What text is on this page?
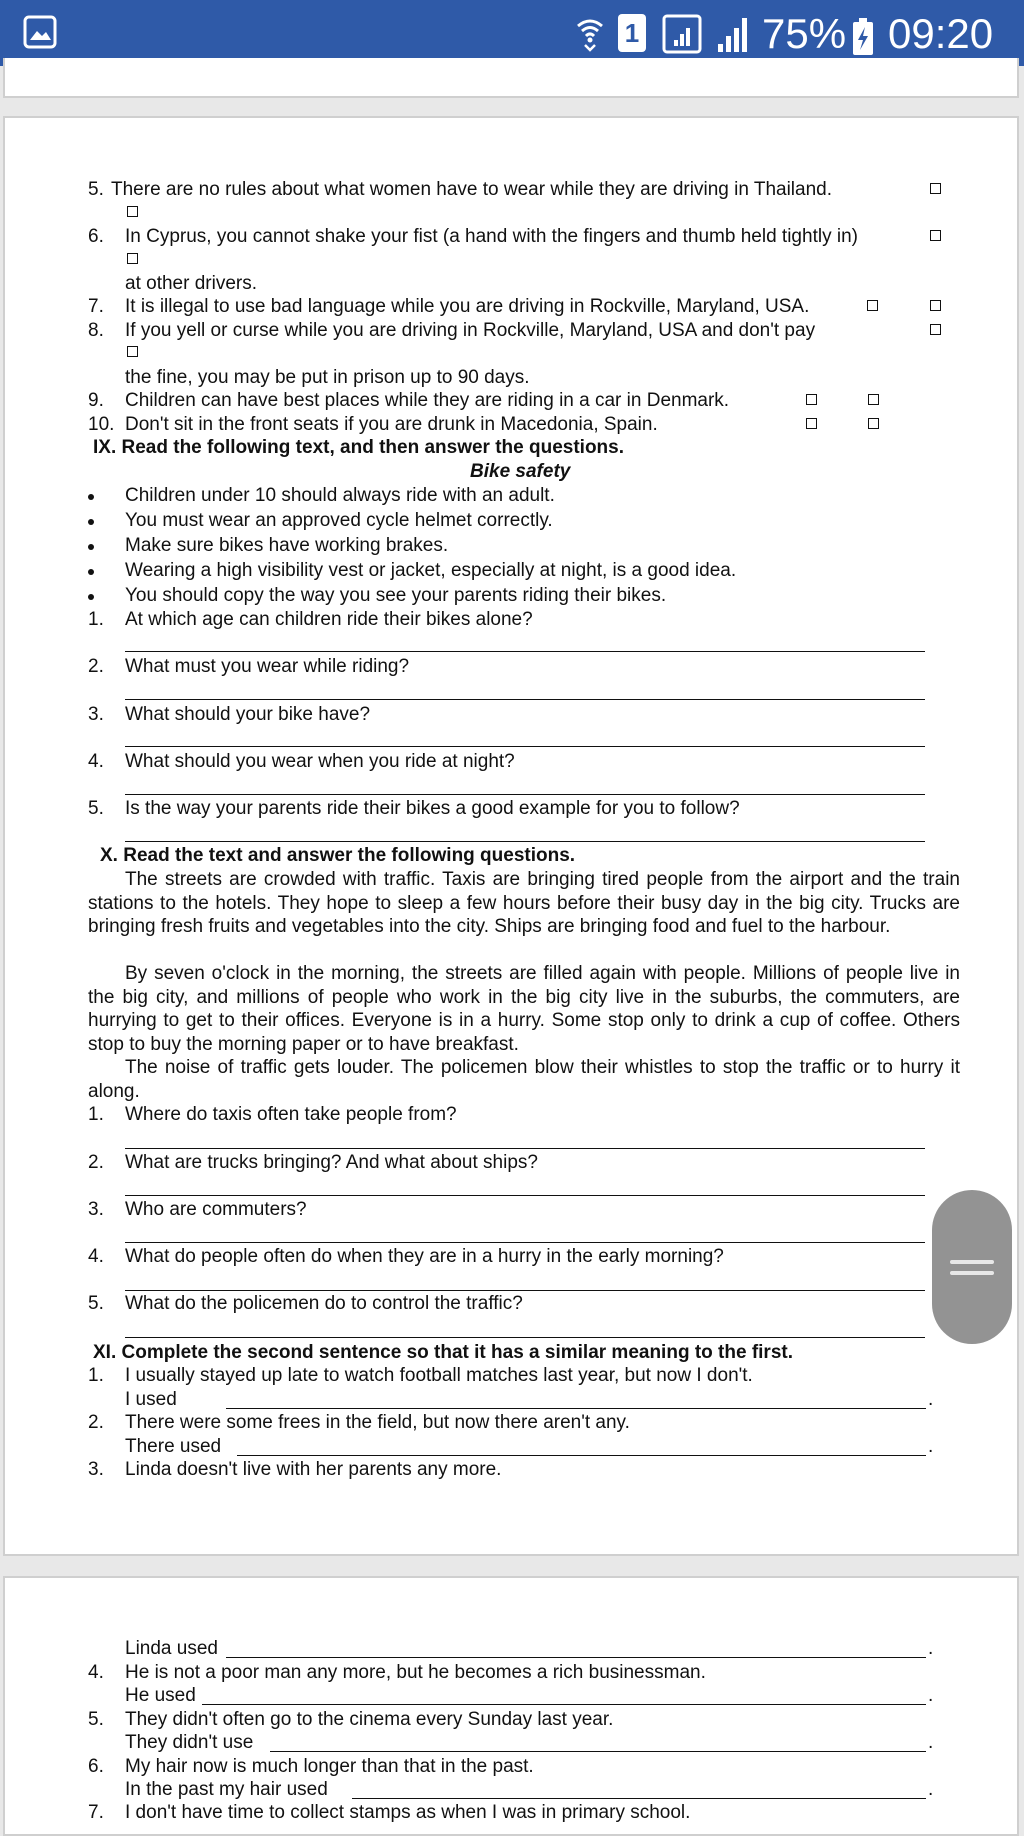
1	75% 09:20
5. There are no rules about what women have to wear while they are driving in Thailand.
6. In Cyprus, you cannot shake your fist (a hand with the fingers and thumb held tightly in)
at other drivers.
7. It is illegal to use bad language while you are driving in Rockville, Maryland, USA.
8. If you yell or curse while you are driving in Rockville, Maryland, USA and don't pay
the fine, you may be put in prison up to 90 days.
9. Children can have best places while they are riding in a car in Denmark.
10. Don't sit in the front seats if you are drunk in Macedonia, Spain.
IX. Read the following text, and then answer the questions.
Bike safety
Children under 10 should always ride with an adult.
You must wear an approved cycle helmet correctly.
Make sure bikes have working brakes.
Wearing a high visibility vest or jacket, especially at night, is a good idea.
You should copy the way you see your parents riding their bikes.
1. At which age can children ride their bikes alone?
2. What must you wear while riding?
3. What should your bike have?
4. What should you wear when you ride at night?
5. Is the way your parents ride their bikes a good example for you to follow?
X. Read the text and answer the following questions.
The streets are crowded with traffic. Taxis are bringing tired people from the airport and the train stations to the hotels. They hope to sleep a few hours before their busy day in the big city. Trucks are bringing fresh fruits and vegetables into the city. Ships are bringing food and fuel to the harbour.
By seven o'clock in the morning, the streets are filled again with people. Millions of people live in the big city, and millions of people who work in the big city live in the suburbs, the commuters, are hurrying to get to their offices. Everyone is in a hurry. Some stop only to drink a cup of coffee. Others stop to buy the morning paper or to have breakfast.
The noise of traffic gets louder. The policemen blow their whistles to stop the traffic or to hurry it along.
1. Where do taxis often take people from?
2. What are trucks bringing? And what about ships?
3. Who are commuters?
4. What do people often do when they are in a hurry in the early morning?
5. What do the policemen do to control the traffic?
XI. Complete the second sentence so that it has a similar meaning to the first.
1. I usually stayed up late to watch football matches last year, but now I don't.
I used	.
2. There were some frees in the field, but now there aren't any.
There used	.
3. Linda doesn't live with her parents any more.
Linda used	.
4. He is not a poor man any more, but he becomes a rich businessman.
He used	.
5. They didn't often go to the cinema every Sunday last year.
They didn't use	.
6. My hair now is much longer than that in the past.
In the past my hair used	.
7. I don't have time to collect stamps as when I was in primary school.
